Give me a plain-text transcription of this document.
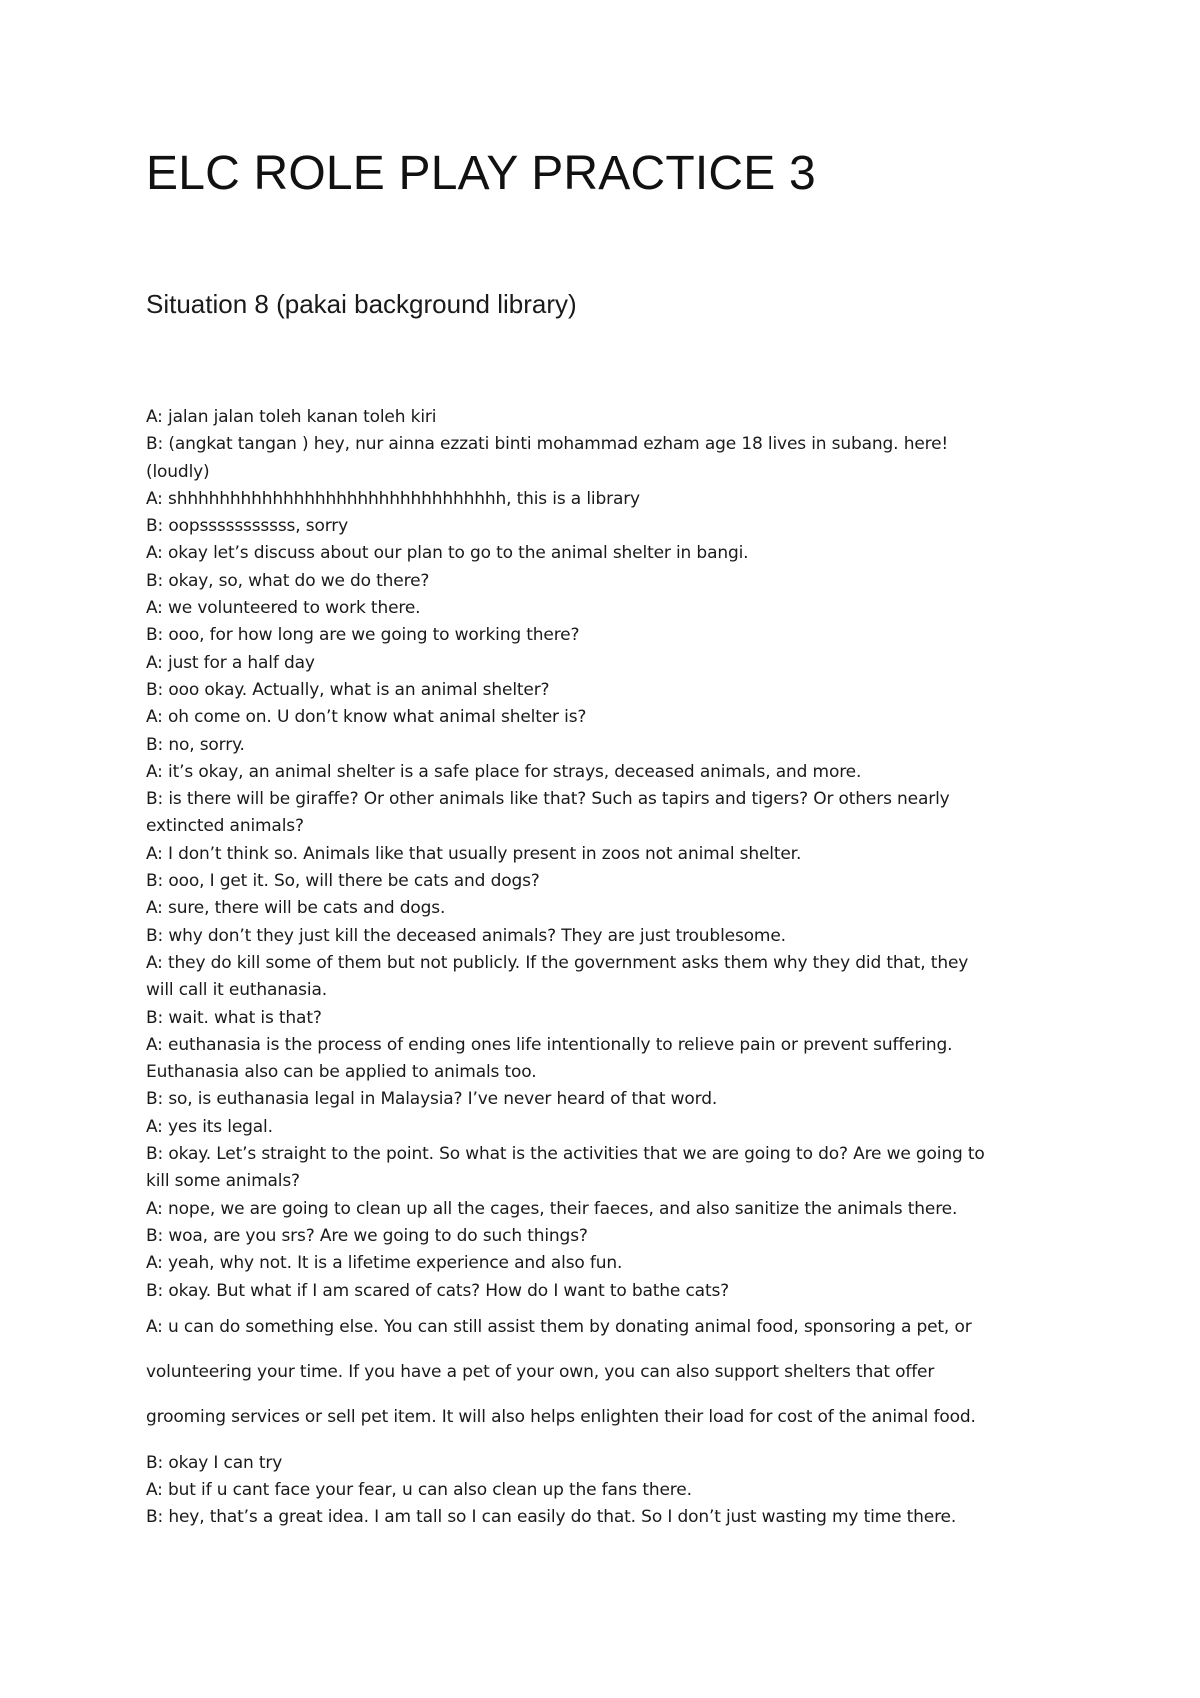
ELC ROLE PLAY PRACTICE 3
Situation 8 (pakai background library)
A: jalan jalan toleh kanan toleh kiri
B: (angkat tangan ) hey, nur ainna ezzati binti mohammad ezham age 18 lives in subang. here!
(loudly)
A: shhhhhhhhhhhhhhhhhhhhhhhhhhhhhhh, this is a library
B: oopsssssssssss, sorry
A: okay let’s discuss about our plan to go to the animal shelter in bangi.
B: okay, so, what do we do there?
A: we volunteered to work there.
B: ooo, for how long are we going to working there?
A: just for a half day
B: ooo okay. Actually, what is an animal shelter?
A: oh come on. U don’t know what animal shelter is?
B: no, sorry.
A: it’s okay, an animal shelter is a safe place for strays, deceased animals, and more.
B: is there will be giraffe? Or other animals like that? Such as tapirs and tigers? Or others nearly
extincted animals?
A: I don’t think so. Animals like that usually present in zoos not animal shelter.
B: ooo, I get it. So, will there be cats and dogs?
A: sure, there will be cats and dogs.
B: why don’t they just kill the deceased animals? They are just troublesome.
A: they do kill some of them but not publicly. If the government asks them why they did that, they
will call it euthanasia.
B: wait. what is that?
A: euthanasia is the process of ending ones life intentionally to relieve pain or prevent suffering.
Euthanasia also can be applied to animals too.
B: so, is euthanasia legal in Malaysia? I’ve never heard of that word.
A: yes its legal.
B: okay. Let’s straight to the point. So what is the activities that we are going to do? Are we going to
kill some animals?
A: nope, we are going to clean up all the cages, their faeces, and also sanitize the animals there.
B: woa, are you srs? Are we going to do such things?
A: yeah, why not. It is a lifetime experience and also fun.
B: okay. But what if I am scared of cats? How do I want to bathe cats?
A: u can do something else. You can still assist them by donating animal food, sponsoring a pet, or
volunteering your time. If you have a pet of your own, you can also support shelters that offer
grooming services or sell pet item. It will also helps enlighten their load for cost of the animal food.
B: okay I can try
A: but if u cant face your fear, u can also clean up the fans there.
B: hey, that’s a great idea. I am tall so I can easily do that. So I don’t just wasting my time there.
